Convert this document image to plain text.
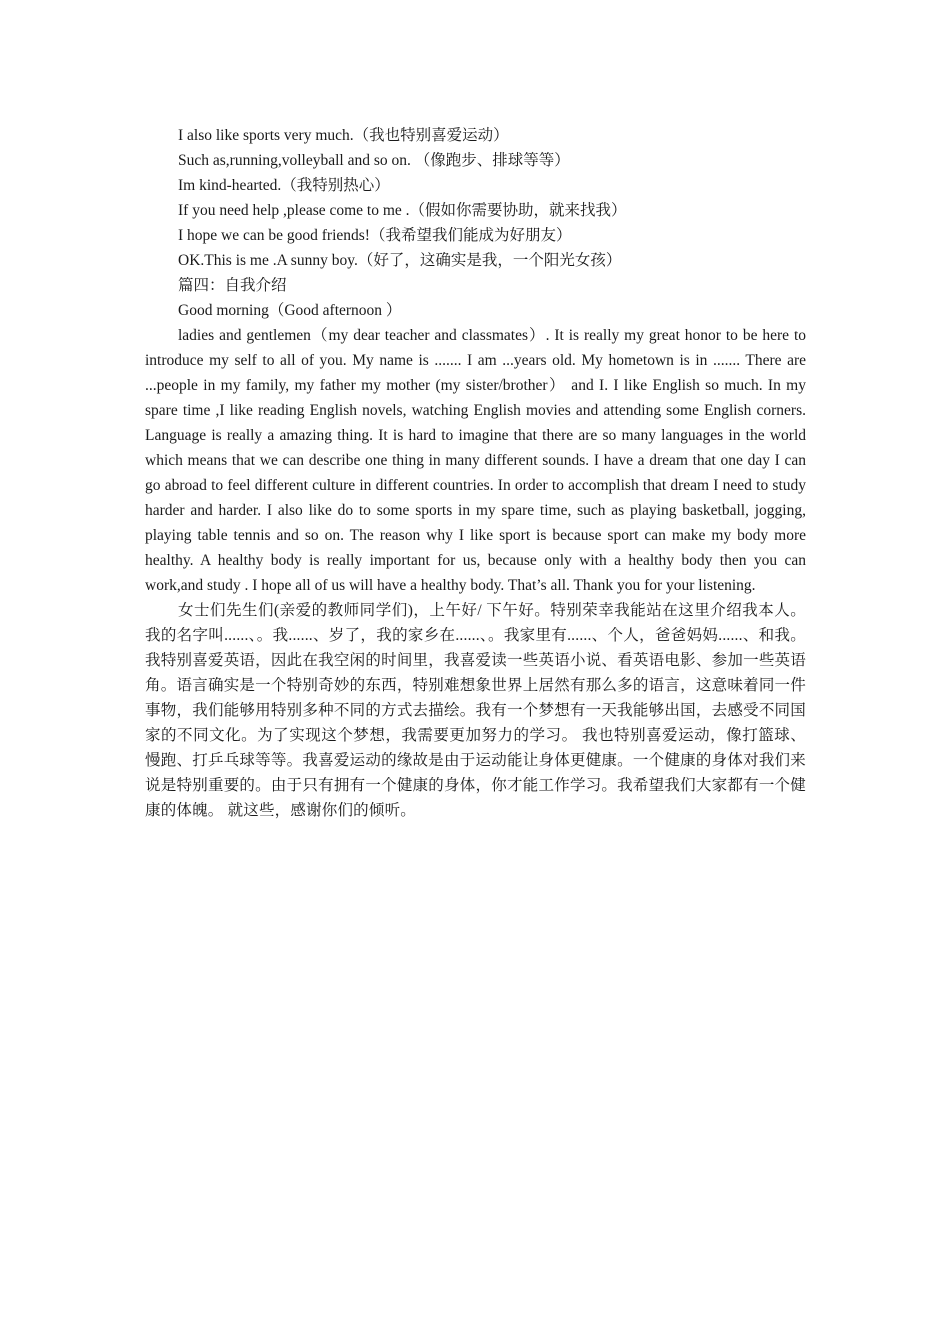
I also like sports very much.（我也特别喜爱运动）

Such as,running,volleyball and so on. （像跑步、排球等等）

Im kind-hearted.（我特别热心）

If you need help ,please come to me .（假如你需要协助，就来找我）

I hope we can be good friends!（我希望我们能成为好朋友）

OK.This is me .A sunny boy.（好了，这确实是我，一个阳光女孩）

篇四：自我介绍

Good morning（Good afternoon ）

ladies and gentlemen（my dear teacher and classmates）. It is really my great honor to be here to introduce my self to all of you. My name is ....... I am ...years old. My hometown is in ....... There are ...people in my family, my father my mother (my sister/brother） and I. I like English so much. In my spare time ,I like reading English novels, watching English movies and attending some English corners. Language is really a amazing thing. It is hard to imagine that there are so many languages in the world which means that we can describe one thing in many different sounds. I have a dream that one day I can go abroad to feel different culture in different countries. In order to accomplish that dream I need to study harder and harder. I also like do to some sports in my spare time, such as playing basketball, jogging, playing table tennis and so on. The reason why I like sport is because sport can make my body more healthy. A healthy body is really important for us, because only with a healthy body then you can work,and study . I hope all of us will have a healthy body. That’s all. Thank you for your listening.

女士们先生们(亲爱的教师同学们)，上午好/ 下午好。特别荣幸我能站在这里介绍我本人。我的名字叫......、。我......、岁了，我的家乡在......、。我家里有......、个人，爸爸妈妈......、和我。我特别喜爱英语，因此在我空闲的时间里，我喜爱读一些英语小说、看英语电影、参加一些英语角。语言确实是一个特别奇妙的东西，特别难想象世界上居然有那么多的语言，这意味着同一件事物，我们能够用特别多种不同的方式去描绘。我有一个梦想有一天我能够出国，去感受不同国家的不同文化。为了实现这个梦想，我需要更加努力的学习。 我也特别喜爱运动，像打篮球、慢跑、打乒乓球等等。我喜爱运动的缘故是由于运动能让身体更健康。一个健康的身体对我们来说是特别重要的。由于只有拥有一个健康的身体，你才能工作学习。我希望我们大家都有一个健康的体魄。 就这些，感谢你们的倾听。
